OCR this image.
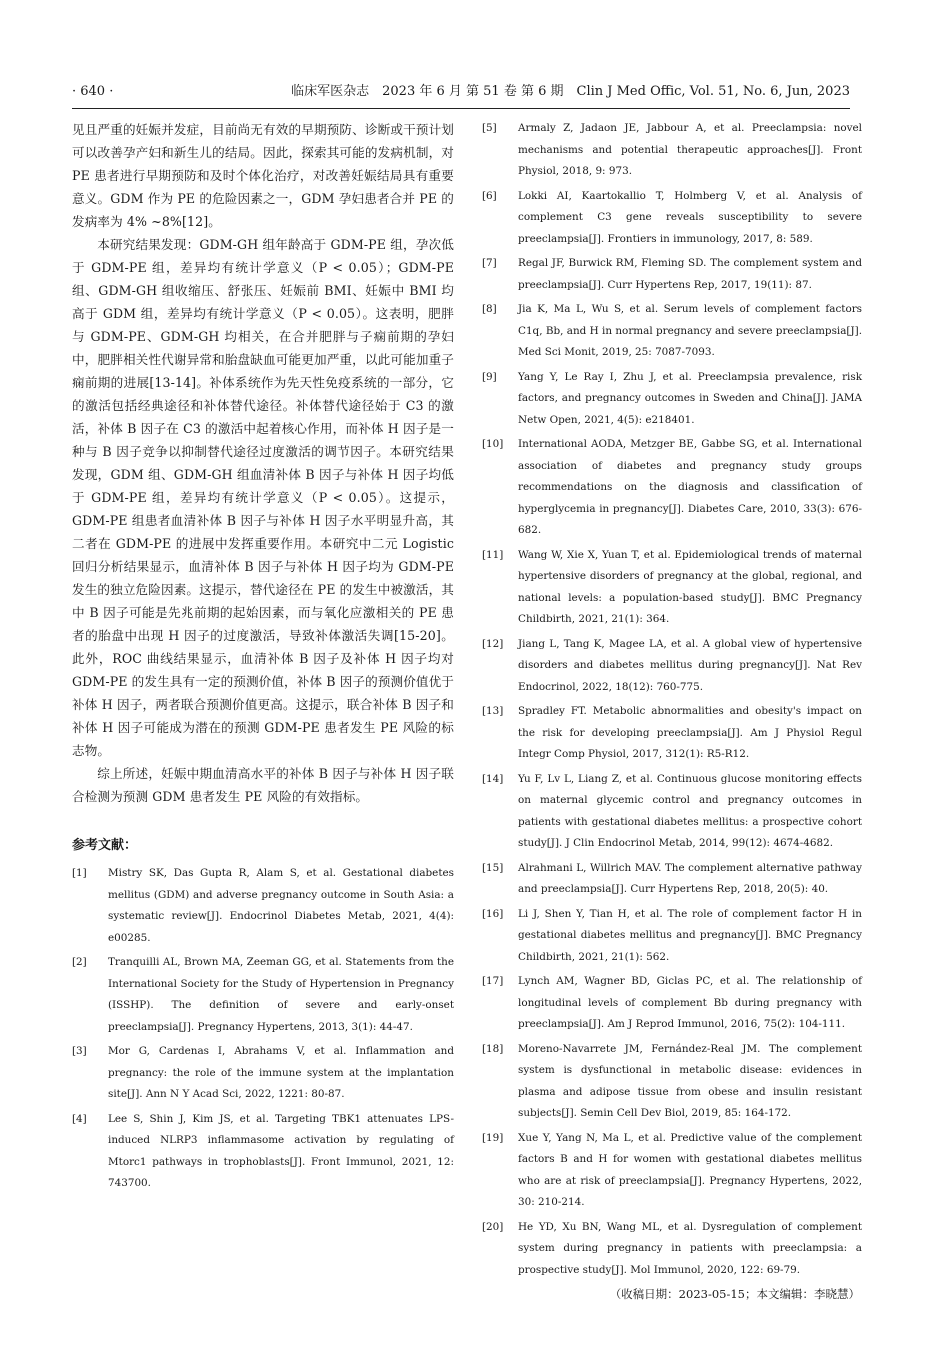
· 640 ·	临床军医杂志　2023 年 6 月 第 51 卷 第 6 期　Clin J Med Offic, Vol. 51, No. 6, Jun, 2023

见且严重的妊娠并发症，目前尚无有效的早期预防、诊断或干预计划可以改善孕产妇和新生儿的结局。因此，探索其可能的发病机制，对 PE 患者进行早期预防和及时个体化治疗，对改善妊娠结局具有重要意义。GDM 作为 PE 的危险因素之一，GDM 孕妇患者合并 PE 的发病率为 4% ~8%[12]。

本研究结果发现：GDM-GH 组年龄高于 GDM-PE 组，孕次低于 GDM-PE 组，差异均有统计学意义（P < 0.05）；GDM-PE 组、GDM-GH 组收缩压、舒张压、妊娠前 BMI、妊娠中 BMI 均高于 GDM 组，差异均有统计学意义（P < 0.05）。这表明，肥胖与 GDM-PE、GDM-GH 均相关，在合并肥胖与子痫前期的孕妇中，肥胖相关性代谢异常和胎盘缺血可能更加严重，以此可能加重子痫前期的进展[13-14]。补体系统作为先天性免疫系统的一部分，它的激活包括经典途径和补体替代途径。补体替代途径始于 C3 的激活，补体 B 因子在 C3 的激活中起着核心作用，而补体 H 因子是一种与 B 因子竞争以抑制替代途径过度激活的调节因子。本研究结果发现，GDM 组、GDM-GH 组血清补体 B 因子与补体 H 因子均低于 GDM-PE 组，差异均有统计学意义（P < 0.05）。这提示，GDM-PE 组患者血清补体 B 因子与补体 H 因子水平明显升高，其二者在 GDM-PE 的进展中发挥重要作用。本研究中二元 Logistic 回归分析结果显示，血清补体 B 因子与补体 H 因子均为 GDM-PE 发生的独立危险因素。这提示，替代途径在 PE 的发生中被激活，其中 B 因子可能是先兆前期的起始因素，而与氧化应激相关的 PE 患者的胎盘中出现 H 因子的过度激活，导致补体激活失调[15-20]。此外，ROC 曲线结果显示，血清补体 B 因子及补体 H 因子均对 GDM-PE 的发生具有一定的预测价值，补体 B 因子的预测价值优于补体 H 因子，两者联合预测价值更高。这提示，联合补体 B 因子和补体 H 因子可能成为潜在的预测 GDM-PE 患者发生 PE 风险的标志物。

综上所述，妊娠中期血清高水平的补体 B 因子与补体 H 因子联合检测为预测 GDM 患者发生 PE 风险的有效指标。

参考文献：
[1]	Mistry SK, Das Gupta R, Alam S, et al. Gestational diabetes mellitus (GDM) and adverse pregnancy outcome in South Asia: a systematic review[J]. Endocrinol Diabetes Metab, 2021, 4(4): e00285.
[2]	Tranquilli AL, Brown MA, Zeeman GG, et al. Statements from the International Society for the Study of Hypertension in Pregnancy (ISSHP). The definition of severe and early-onset preeclampsia[J]. Pregnancy Hypertens, 2013, 3(1): 44-47.
[3]	Mor G, Cardenas I, Abrahams V, et al. Inflammation and pregnancy: the role of the immune system at the implantation site[J]. Ann N Y Acad Sci, 2022, 1221: 80-87.
[4]	Lee S, Shin J, Kim JS, et al. Targeting TBK1 attenuates LPS-induced NLRP3 inflammasome activation by regulating of Mtorc1 pathways in trophoblasts[J]. Front Immunol, 2021, 12: 743700.
[5]	Armaly Z, Jadaon JE, Jabbour A, et al. Preeclampsia: novel mechanisms and potential therapeutic approaches[J]. Front Physiol, 2018, 9: 973.
[6]	Lokki AI, Kaartokallio T, Holmberg V, et al. Analysis of complement C3 gene reveals susceptibility to severe preeclampsia[J]. Frontiers in immunology, 2017, 8: 589.
[7]	Regal JF, Burwick RM, Fleming SD. The complement system and preeclampsia[J]. Curr Hypertens Rep, 2017, 19(11): 87.
[8]	Jia K, Ma L, Wu S, et al. Serum levels of complement factors C1q, Bb, and H in normal pregnancy and severe preeclampsia[J]. Med Sci Monit, 2019, 25: 7087-7093.
[9]	Yang Y, Le Ray I, Zhu J, et al. Preeclampsia prevalence, risk factors, and pregnancy outcomes in Sweden and China[J]. JAMA Netw Open, 2021, 4(5): e218401.
[10]	International AODA, Metzger BE, Gabbe SG, et al. International association of diabetes and pregnancy study groups recommendations on the diagnosis and classification of hyperglycemia in pregnancy[J]. Diabetes Care, 2010, 33(3): 676-682.
[11]	Wang W, Xie X, Yuan T, et al. Epidemiological trends of maternal hypertensive disorders of pregnancy at the global, regional, and national levels: a population-based study[J]. BMC Pregnancy Childbirth, 2021, 21(1): 364.
[12]	Jiang L, Tang K, Magee LA, et al. A global view of hypertensive disorders and diabetes mellitus during pregnancy[J]. Nat Rev Endocrinol, 2022, 18(12): 760-775.
[13]	Spradley FT. Metabolic abnormalities and obesity's impact on the risk for developing preeclampsia[J]. Am J Physiol Regul Integr Comp Physiol, 2017, 312(1): R5-R12.
[14]	Yu F, Lv L, Liang Z, et al. Continuous glucose monitoring effects on maternal glycemic control and pregnancy outcomes in patients with gestational diabetes mellitus: a prospective cohort study[J]. J Clin Endocrinol Metab, 2014, 99(12): 4674-4682.
[15]	Alrahmani L, Willrich MAV. The complement alternative pathway and preeclampsia[J]. Curr Hypertens Rep, 2018, 20(5): 40.
[16]	Li J, Shen Y, Tian H, et al. The role of complement factor H in gestational diabetes mellitus and pregnancy[J]. BMC Pregnancy Childbirth, 2021, 21(1): 562.
[17]	Lynch AM, Wagner BD, Giclas PC, et al. The relationship of longitudinal levels of complement Bb during pregnancy with preeclampsia[J]. Am J Reprod Immunol, 2016, 75(2): 104-111.
[18]	Moreno-Navarrete JM, Fernández-Real JM. The complement system is dysfunctional in metabolic disease: evidences in plasma and adipose tissue from obese and insulin resistant subjects[J]. Semin Cell Dev Biol, 2019, 85: 164-172.
[19]	Xue Y, Yang N, Ma L, et al. Predictive value of the complement factors B and H for women with gestational diabetes mellitus who are at risk of preeclampsia[J]. Pregnancy Hypertens, 2022, 30: 210-214.
[20]	He YD, Xu BN, Wang ML, et al. Dysregulation of complement system during pregnancy in patients with preeclampsia: a prospective study[J]. Mol Immunol, 2020, 122: 69-79.
（收稿日期：2023-05-15；本文编辑：李晓慧）
